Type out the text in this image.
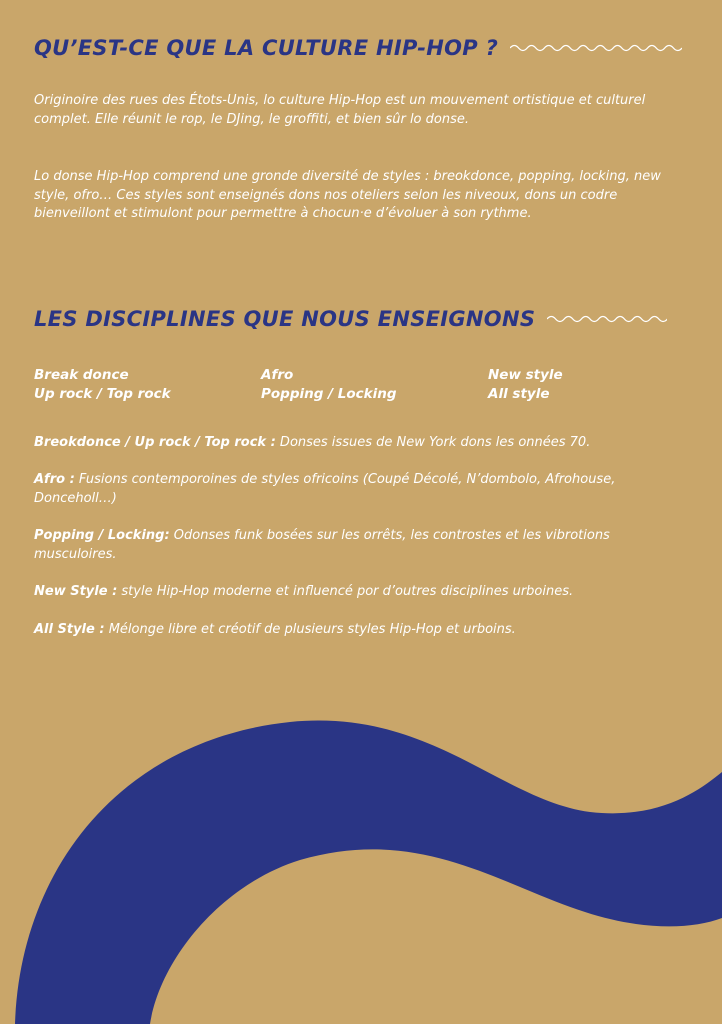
QU’EST-CE QUE LA CULTURE HIP-HOP ?

Originoire des rues des Étots-Unis, lo culture Hip-Hop est un mouvement ortistique et culturel complet. Elle réunit le rop, le DJing, le groffiti, et bien sûr lo donse.

Lo donse Hip-Hop comprend une gronde diversité de styles : breokdonce, popping, locking, new style, ofro… Ces styles sont enseignés dons nos oteliers selon les niveoux, dons un codre bienveillont et stimulont pour permettre à chocun·e d’évoluer à son rythme.

LES DISCIPLINES QUE NOUS ENSEIGNONS
Break donce	Afro	New style
Up rock / Top rock	Popping / Locking	All style

Breokdonce / Up rock / Top rock : Donses issues de New York dons les onnées 70.

Afro : Fusions contemporoines de styles ofricoins (Coupé Décolé, N’dombolo, Afrohouse, Donceholl…)

Popping / Locking: Odonses funk bosées sur les orrêts, les controstes et les vibrotions musculoires.

New Style : style Hip-Hop moderne et influencé por d’outres disciplines urboines.

All Style : Mélonge libre et créotif de plusieurs styles Hip-Hop et urboins.
